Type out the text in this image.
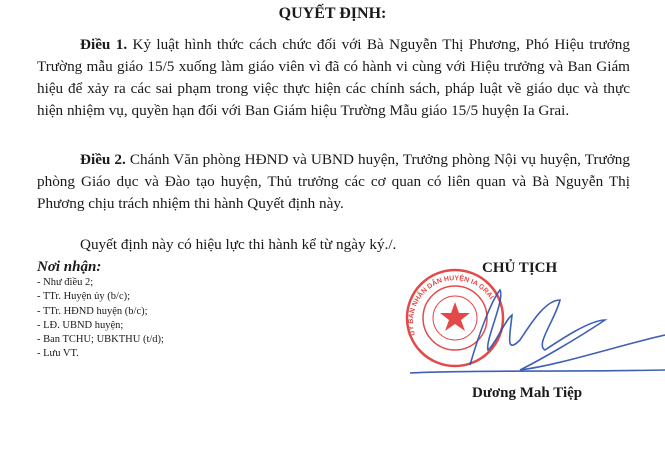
QUYẾT ĐỊNH:
Điều 1. Kỷ luật hình thức cách chức đối với Bà Nguyễn Thị Phương, Phó Hiệu trưởng Trường mẫu giáo 15/5 xuống làm giáo viên vì đã có hành vi cùng với Hiệu trưởng và Ban Giám hiệu để xảy ra các sai phạm trong việc thực hiện các chính sách, pháp luật về giáo dục và thực hiện nhiệm vụ, quyền hạn đối với Ban Giám hiệu Trường Mẫu giáo 15/5 huyện Ia Grai.
Điều 2. Chánh Văn phòng HĐND và UBND huyện, Trưởng phòng Nội vụ huyện, Trưởng phòng Giáo dục và Đào tạo huyện, Thủ trưởng các cơ quan có liên quan và Bà Nguyễn Thị Phương chịu trách nhiệm thi hành Quyết định này.
Quyết định này có hiệu lực thi hành kể từ ngày ký./.
Nơi nhận:
- Như điều 2;
- TTr. Huyện ủy (b/c);
- TTr. HĐND huyện (b/c);
- LĐ. UBND huyện;
- Ban TCHU; UBKTHU (t/d);
- Lưu VT.
ỦY BAN NHÂN DÂN HUYỆN IA GRAI
CHỦ TỊCH
Dương Mah Tiệp
